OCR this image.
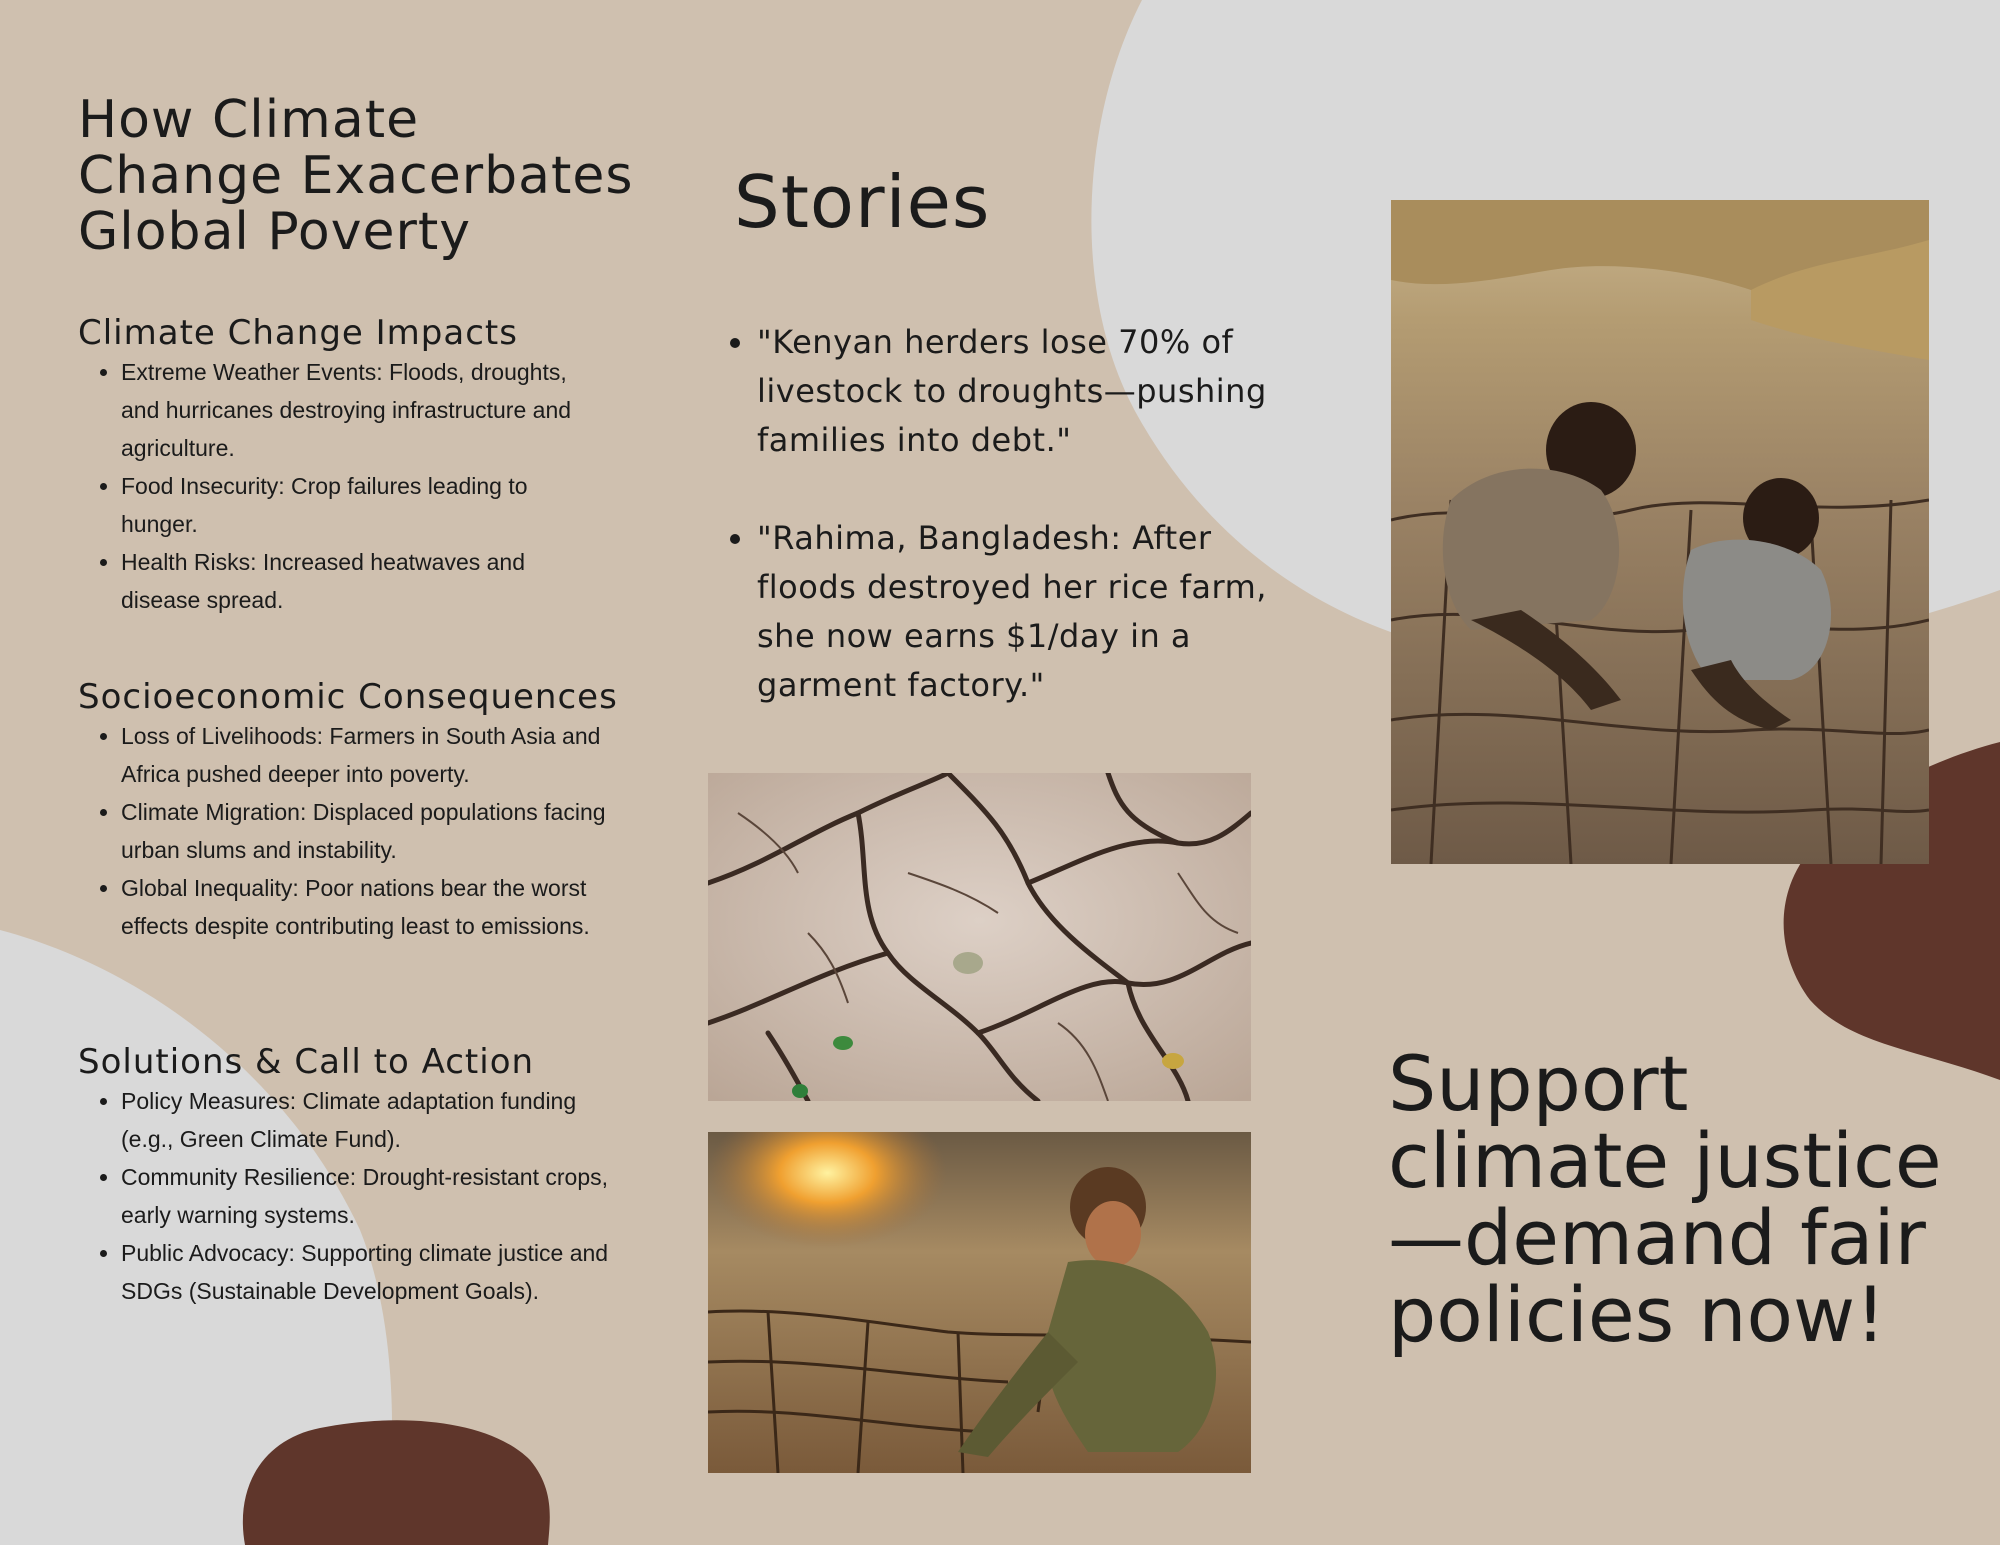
How Climate Change Exacerbates Global Poverty
Climate Change Impacts
• Extreme Weather Events: Floods, droughts, and hurricanes destroying infrastructure and agriculture.
• Food Insecurity: Crop failures leading to hunger.
• Health Risks: Increased heatwaves and disease spread.
Socioeconomic Consequences
• Loss of Livelihoods: Farmers in South Asia and Africa pushed deeper into poverty.
• Climate Migration: Displaced populations facing urban slums and instability.
• Global Inequality: Poor nations bear the worst effects despite contributing least to emissions.
Solutions & Call to Action
• Policy Measures: Climate adaptation funding (e.g., Green Climate Fund).
• Community Resilience: Drought-resistant crops, early warning systems.
• Public Advocacy: Supporting climate justice and SDGs (Sustainable Development Goals).
Stories
• "Kenyan herders lose 70% of livestock to droughts—pushing families into debt."
• "Rahima, Bangladesh: After floods destroyed her rice farm, she now earns $1/day in a garment factory."

Support climate justice—demand fair policies now!
